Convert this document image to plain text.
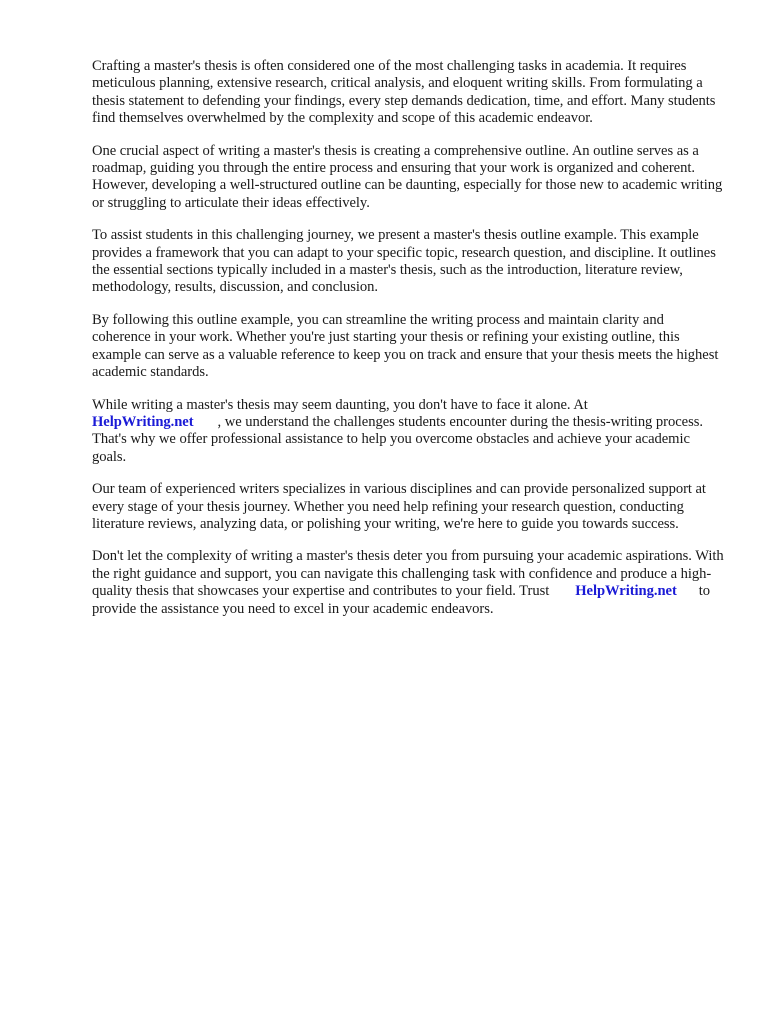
Crafting a master's thesis is often considered one of the most challenging tasks in academia. It requires meticulous planning, extensive research, critical analysis, and eloquent writing skills. From formulating a thesis statement to defending your findings, every step demands dedication, time, and effort. Many students find themselves overwhelmed by the complexity and scope of this academic endeavor.

One crucial aspect of writing a master's thesis is creating a comprehensive outline. An outline serves as a roadmap, guiding you through the entire process and ensuring that your work is organized and coherent. However, developing a well-structured outline can be daunting, especially for those new to academic writing or struggling to articulate their ideas effectively.

To assist students in this challenging journey, we present a master's thesis outline example. This example provides a framework that you can adapt to your specific topic, research question, and discipline. It outlines the essential sections typically included in a master's thesis, such as the introduction, literature review, methodology, results, discussion, and conclusion.

By following this outline example, you can streamline the writing process and maintain clarity and coherence in your work. Whether you're just starting your thesis or refining your existing outline, this example can serve as a valuable reference to keep you on track and ensure that your thesis meets the highest academic standards.

While writing a master's thesis may seem daunting, you don't have to face it alone. At
HelpWriting.net , we understand the challenges students encounter during the thesis-writing process. That's why we offer professional assistance to help you overcome obstacles and achieve your academic goals.

Our team of experienced writers specializes in various disciplines and can provide personalized support at every stage of your thesis journey. Whether you need help refining your research question, conducting literature reviews, analyzing data, or polishing your writing, we're here to guide you towards success.

Don't let the complexity of writing a master's thesis deter you from pursuing your academic aspirations. With the right guidance and support, you can navigate this challenging task with confidence and produce a high-quality thesis that showcases your expertise and contributes to your field. Trust HelpWriting.net to provide the assistance you need to excel in your academic endeavors.
